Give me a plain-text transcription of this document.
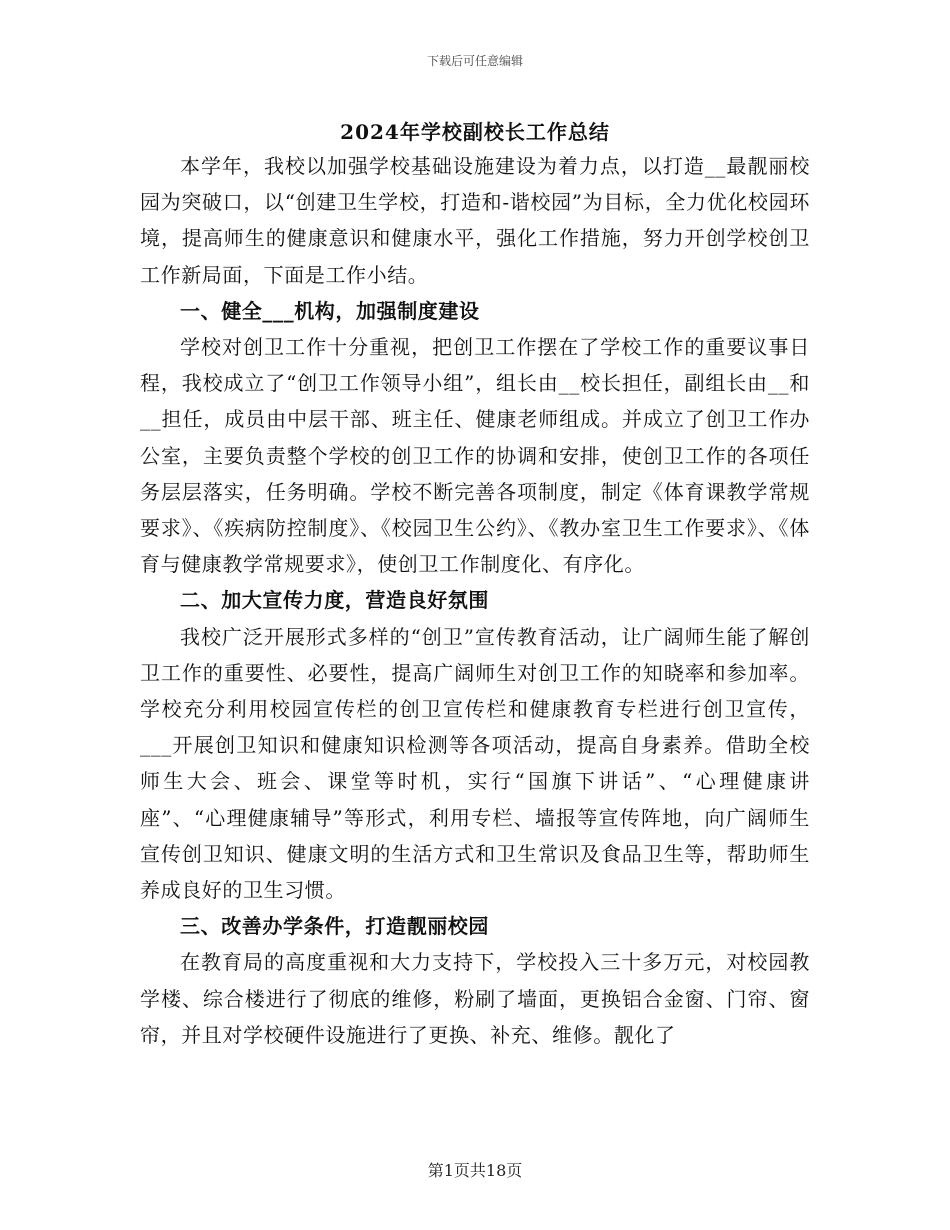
下载后可任意编辑
2024年学校副校长工作总结

本学年，我校以加强学校基础设施建设为着力点，以打造__最靓丽校园为突破口，以“创建卫生学校，打造和-谐校园”为目标，全力优化校园环境，提高师生的健康意识和健康水平，强化工作措施，努力开创学校创卫工作新局面，下面是工作小结。

一、健全___机构，加强制度建设

学校对创卫工作十分重视，把创卫工作摆在了学校工作的重要议事日程，我校成立了“创卫工作领导小组”，组长由__校长担任，副组长由__和__担任，成员由中层干部、班主任、健康老师组成。并成立了创卫工作办公室，主要负责整个学校的创卫工作的协调和安排，使创卫工作的各项任务层层落实，任务明确。学校不断完善各项制度，制定《体育课教学常规要求》、《疾病防控制度》、《校园卫生公约》、《教办室卫生工作要求》、《体育与健康教学常规要求》，使创卫工作制度化、有序化。

二、加大宣传力度，营造良好氛围

我校广泛开展形式多样的“创卫”宣传教育活动，让广阔师生能了解创卫工作的重要性、必要性，提高广阔师生对创卫工作的知晓率和参加率。学校充分利用校园宣传栏的创卫宣传栏和健康教育专栏进行创卫宣传，___开展创卫知识和健康知识检测等各项活动，提高自身素养。借助全校师生大会、班会、课堂等时机，实行“国旗下讲话”、“心理健康讲座”、“心理健康辅导”等形式，利用专栏、墙报等宣传阵地，向广阔师生宣传创卫知识、健康文明的生活方式和卫生常识及食品卫生等，帮助师生养成良好的卫生习惯。

三、改善办学条件，打造靓丽校园

在教育局的高度重视和大力支持下，学校投入三十多万元，对校园教学楼、综合楼进行了彻底的维修，粉刷了墙面，更换铝合金窗、门帘、窗帘，并且对学校硬件设施进行了更换、补充、维修。靓化了

第1页共18页
